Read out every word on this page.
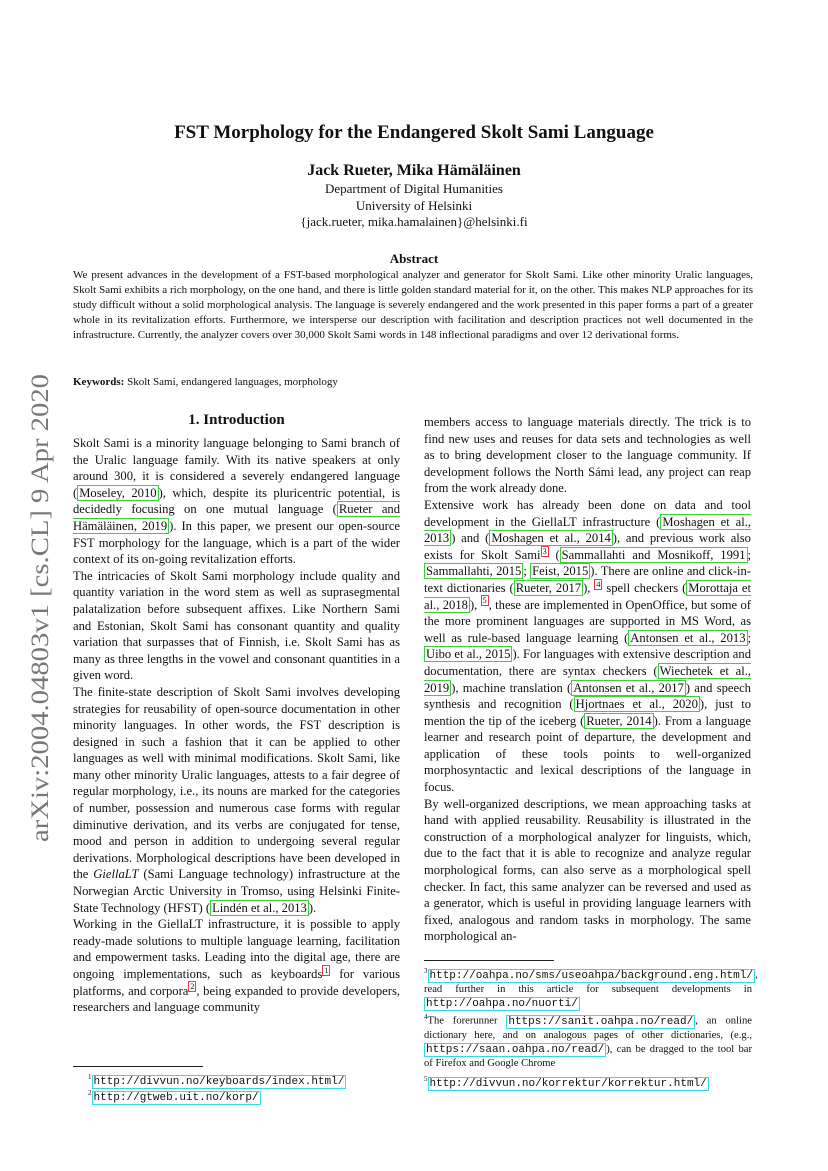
arXiv:2004.04803v1 [cs.CL] 9 Apr 2020
FST Morphology for the Endangered Skolt Sami Language
Jack Rueter, Mika Hämäläinen
Department of Digital Humanities
University of Helsinki
{jack.rueter, mika.hamalainen}@helsinki.fi
Abstract
We present advances in the development of a FST-based morphological analyzer and generator for Skolt Sami. Like other minority Uralic languages, Skolt Sami exhibits a rich morphology, on the one hand, and there is little golden standard material for it, on the other. This makes NLP approaches for its study difficult without a solid morphological analysis. The language is severely endangered and the work presented in this paper forms a part of a greater whole in its revitalization efforts. Furthermore, we intersperse our description with facilitation and description practices not well documented in the infrastructure. Currently, the analyzer covers over 30,000 Skolt Sami words in 148 inflectional paradigms and over 12 derivational forms.
Keywords: Skolt Sami, endangered languages, morphology
1. Introduction

Skolt Sami is a minority language belonging to Sami branch of the Uralic language family. With its native speakers at only around 300, it is considered a severely endangered language ( Moseley, 2010 ), which, despite its pluricentric potential, is decidedly focusing on one mutual language ( Rueter and Hämäläinen, 2019 ). In this paper, we present our open-source FST morphology for the language, which is a part of the wider context of its on-going revitalization efforts.

The intricacies of Skolt Sami morphology include quality and quantity variation in the word stem as well as suprasegmental palatalization before subsequent affixes. Like Northern Sami and Estonian, Skolt Sami has consonant quantity and quality variation that surpasses that of Finnish, i.e. Skolt Sami has as many as three lengths in the vowel and consonant quantities in a given word.

The finite-state description of Skolt Sami involves developing strategies for reusability of open-source documentation in other minority languages. In other words, the FST description is designed in such a fashion that it can be applied to other languages as well with minimal modifications. Skolt Sami, like many other minority Uralic languages, attests to a fair degree of regular morphology, i.e., its nouns are marked for the categories of number, possession and numerous case forms with regular diminutive derivation, and its verbs are conjugated for tense, mood and person in addition to undergoing several regular derivations. Morphological descriptions have been developed in the GiellaLT (Sami Language technology) infrastructure at the Norwegian Arctic University in Tromso, using Helsinki Finite-State Technology (HFST) ( Lindén et al., 2013 ).

Working in the GiellaLT infrastructure, it is possible to apply ready-made solutions to multiple language learning, facilitation and empowerment tasks. Leading into the digital age, there are ongoing implementations, such as keyboards $^1$ for various platforms, and corpora $^2$ , being expanded to provide developers, researchers and language community

$^1$ http://divvun.no/keyboards/index.html/
$^2$ http://gtweb.uit.no/korp/

members access to language materials directly. The trick is to find new uses and reuses for data sets and technologies as well as to bring development closer to the language community. If development follows the North Sámi lead, any project can reap from the work already done.

Extensive work has already been done on data and tool development in the GiellaLT infrastructure ( Moshagen et al., 2013 ) and ( Moshagen et al., 2014 ), and previous work also exists for Skolt Sami $^3$ ( Sammallahti and Mosnikoff, 1991 ; Sammallahti, 2015 ; Feist, 2015 ). There are online and click-in-text dictionaries ( Rueter, 2017 ), $^4$ spell checkers ( Morottaja et al., 2018 ), $^5$ , these are implemented in OpenOffice, but some of the more prominent languages are supported in MS Word, as well as rule-based language learning ( Antonsen et al., 2013 ; Uibo et al., 2015 ). For languages with extensive description and documentation, there are syntax checkers ( Wiechetek et al., 2019 ), machine translation ( Antonsen et al., 2017 ) and speech synthesis and recognition ( Hjortnaes et al., 2020 ), just to mention the tip of the iceberg ( Rueter, 2014 ). From a language learner and research point of departure, the development and application of these tools points to well-organized morphosyntactic and lexical descriptions of the language in focus.

By well-organized descriptions, we mean approaching tasks at hand with applied reusability. Reusability is illustrated in the construction of a morphological analyzer for linguists, which, due to the fact that it is able to recognize and analyze regular morphological forms, can also serve as a morphological spell checker. In fact, this same analyzer can be reversed and used as a generator, which is useful in providing language learners with fixed, analogous and random tasks in morphology. The same morphological an-

$^3$ http://oahpa.no/sms/useoahpa/background.eng.html/ , read further in this article for subsequent developments in http://oahpa.no/nuorti/
$^4$The forerunner https://sanit.oahpa.no/read/ , an online dictionary here, and on analogous pages of other dictionaries, (e.g., https://saan.oahpa.no/read/ ), can be dragged to the tool bar of Firefox and Google Chrome
$^5$ http://divvun.no/korrektur/korrektur.html/
